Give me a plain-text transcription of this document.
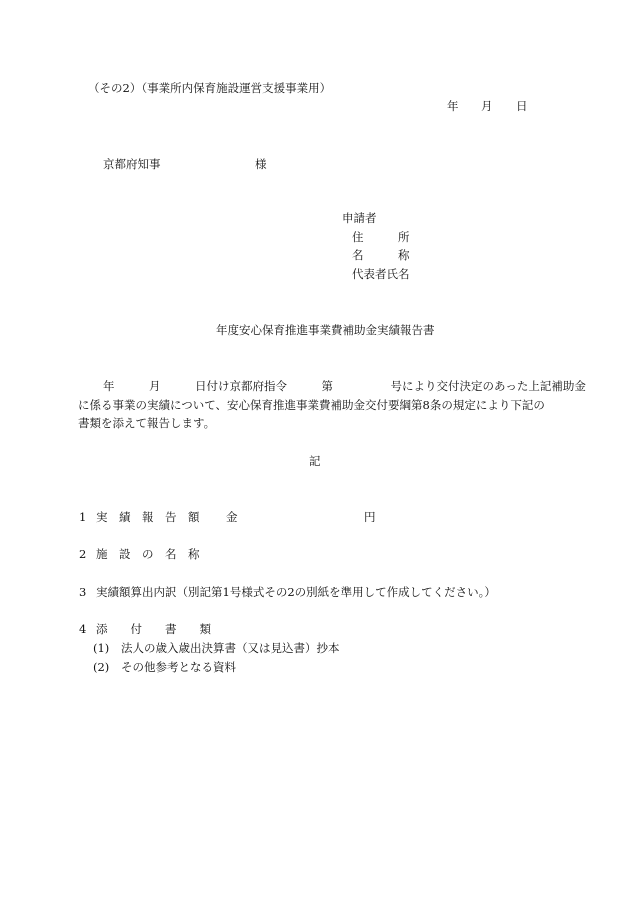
（その2）（事業所内保育施設運営支援事業用）
年 月 日
京都府知事	様
申請者
住　　　所
名　　　称
代表者氏名
年度安心保育推進事業費補助金実績報告書
年　　　月　　　日付け京都府指令　　　第　　　　　号により交付決定のあった上記補助金
に係る事業の実績について、安心保育推進事業費補助金交付要綱第8条の規定により下記の
書類を添えて報告します。
記
1 実　績　報　告　額 金	円
2 施　設　の　名　称
3 実績額算出内訳（別記第1号様式その2の別紙を準用して作成してください。）
4 添　　付　　書　　類
(1) 法人の歳入歳出決算書（又は見込書）抄本
(2) その他参考となる資料
